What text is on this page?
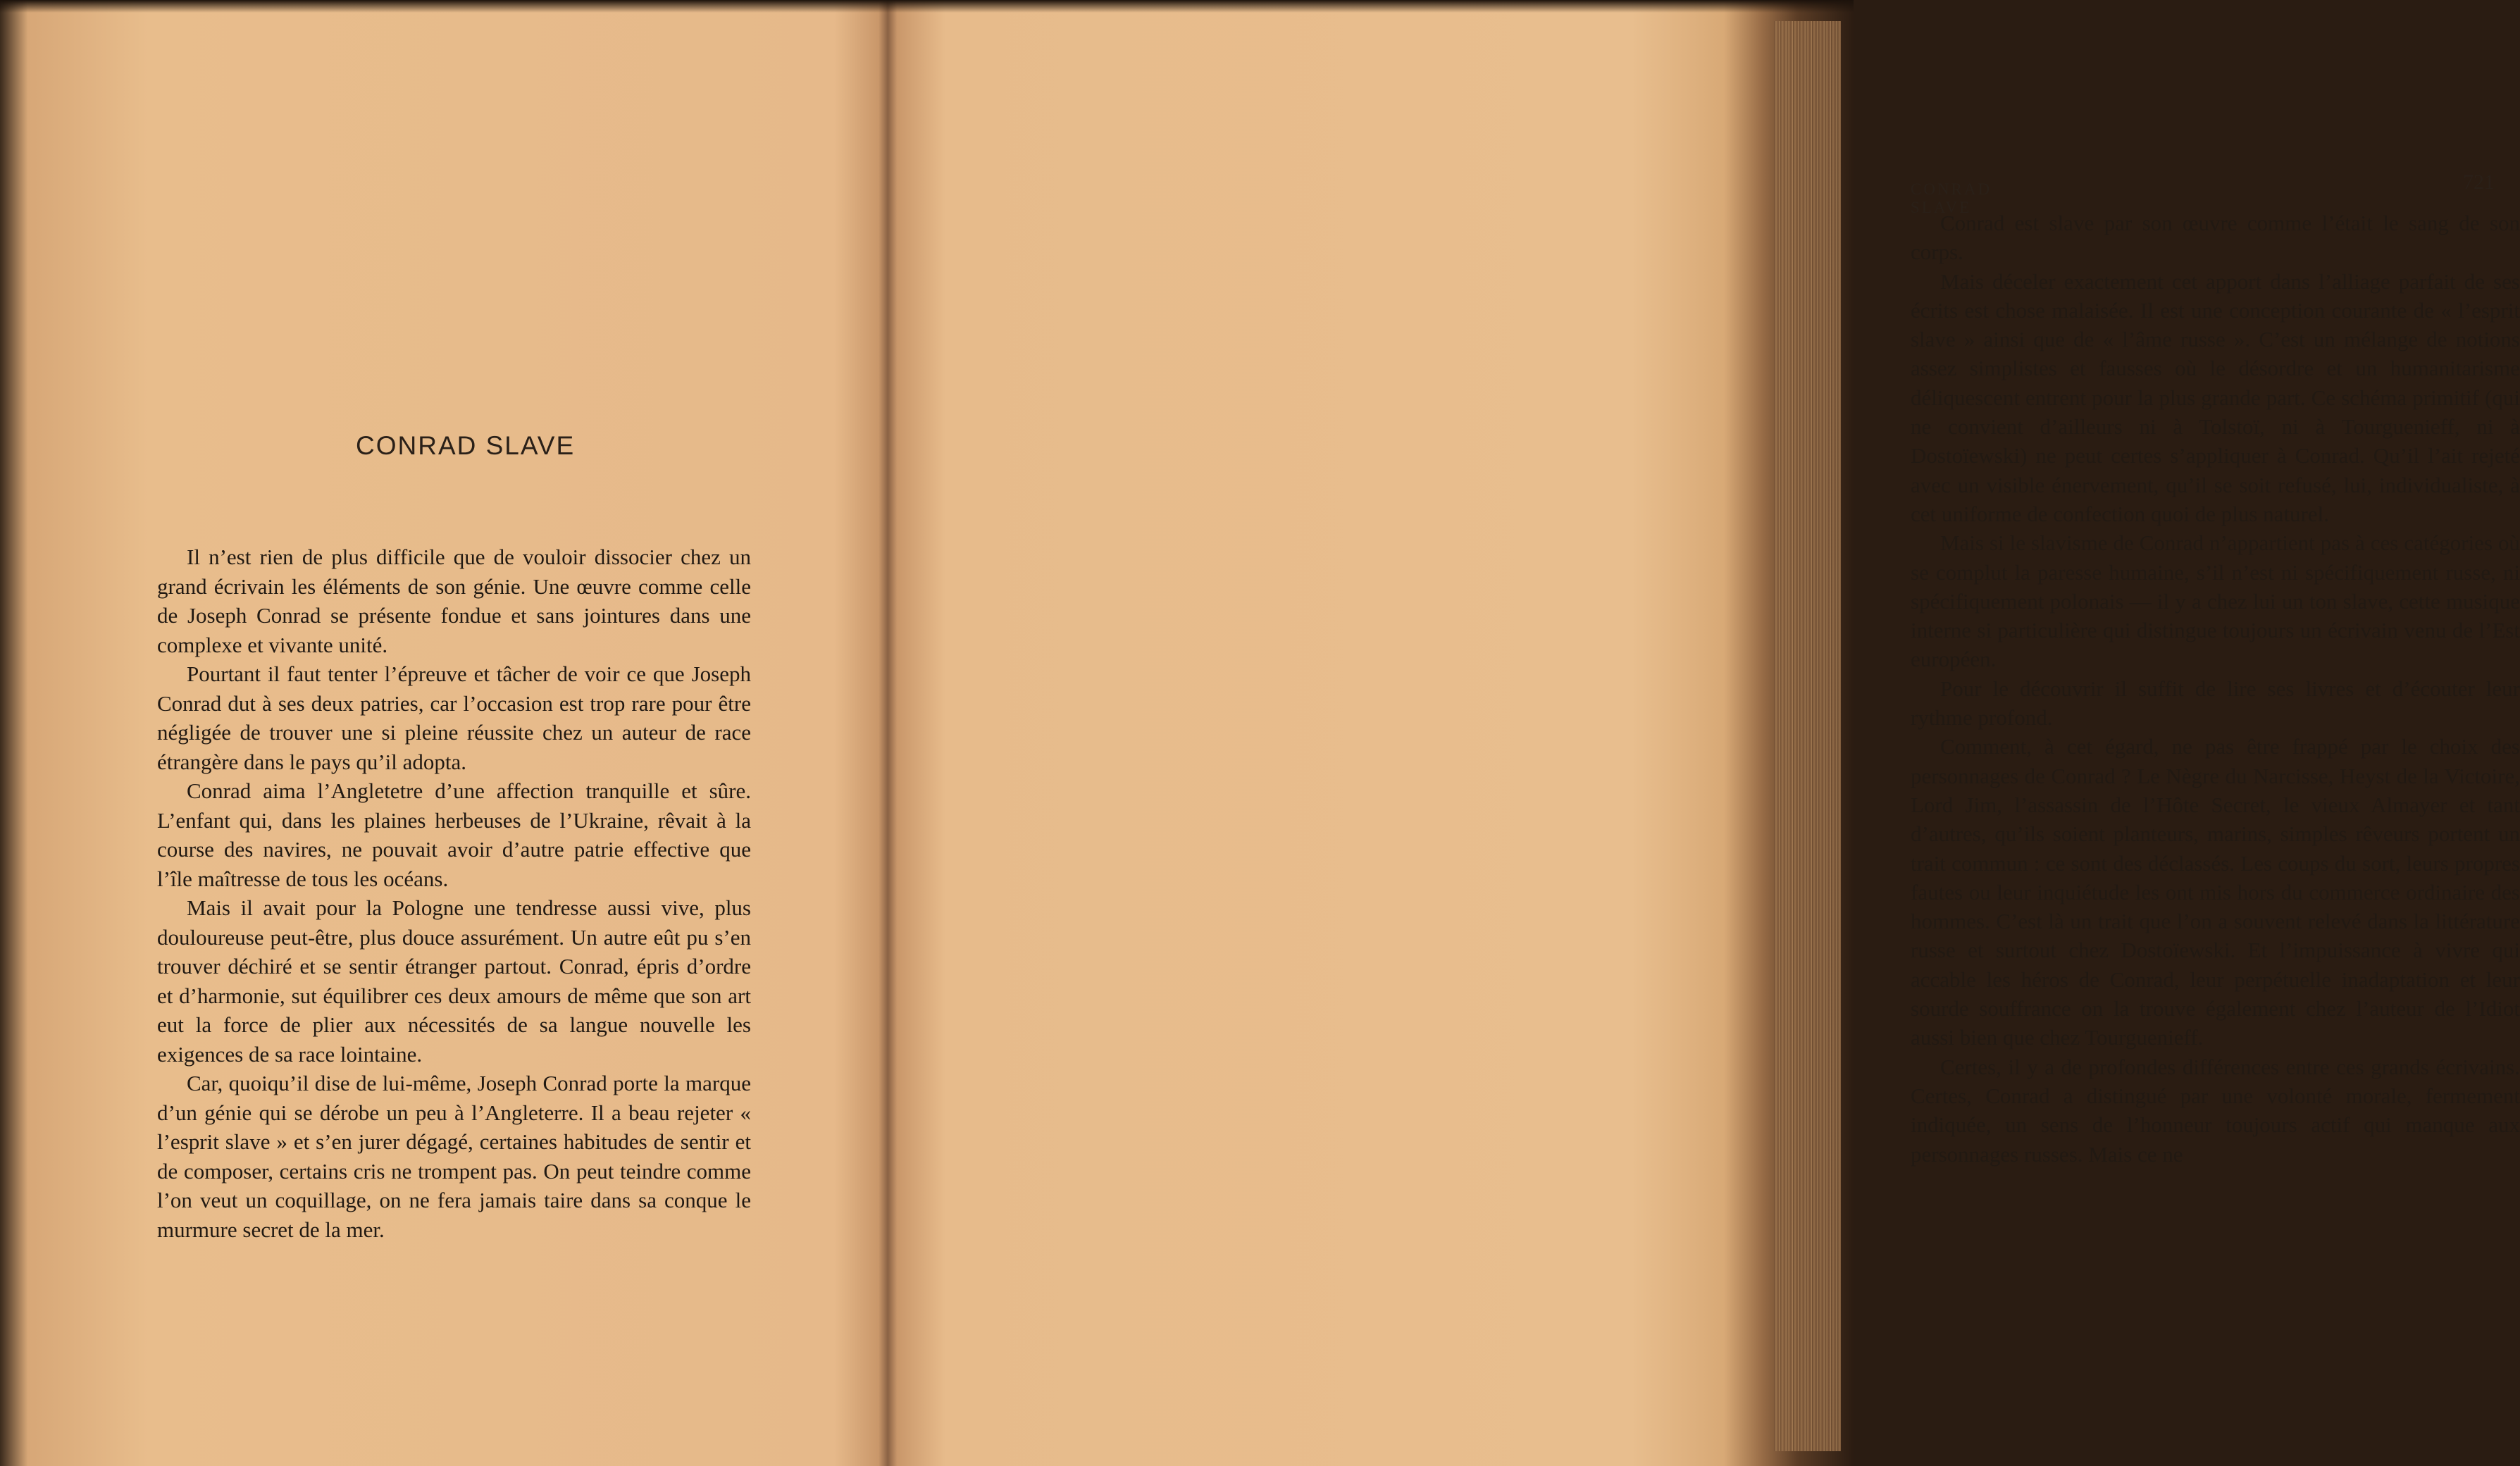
CONRAD SLAVE

Il n’est rien de plus difficile que de vouloir dissocier chez un grand écrivain les éléments de son génie. Une œuvre comme celle de Joseph Conrad se présente fondue et sans jointures dans une complexe et vivante unité.

Pourtant il faut tenter l’épreuve et tâcher de voir ce que Joseph Conrad dut à ses deux patries, car l’occasion est trop rare pour être négligée de trouver une si pleine réussite chez un auteur de race étrangère dans le pays qu’il adopta.

Conrad aima l’Angletetre d’une affection tranquille et sûre. L’enfant qui, dans les plaines herbeuses de l’Ukraine, rêvait à la course des navires, ne pouvait avoir d’autre patrie effective que l’île maîtresse de tous les océans.

Mais il avait pour la Pologne une tendresse aussi vive, plus douloureuse peut-être, plus douce assurément. Un autre eût pu s’en trouver déchiré et se sentir étranger partout. Conrad, épris d’ordre et d’harmonie, sut équilibrer ces deux amours de même que son art eut la force de plier aux nécessités de sa langue nouvelle les exigences de sa race lointaine.

Car, quoiqu’il dise de lui-même, Joseph Conrad porte la marque d’un génie qui se dérobe un peu à l’Angleterre. Il a beau rejeter « l’esprit slave » et s’en jurer dégagé, certaines habitudes de sentir et de composer, certains cris ne trompent pas. On peut teindre comme l’on veut un coquillage, on ne fera jamais taire dans sa conque le murmure secret de la mer.

CONRAD SLAVE
721

Conrad est slave par son œuvre comme l’était le sang de son corps.

Mais déceler exactement cet apport dans l’alliage parfait de ses écrits est chose malaisée. Il est une conception courante de « l’esprit slave » ainsi que de « l’âme russe ». C’est un mélange de notions assez simplistes et fausses où le désordre et un humanitarisme déliquescent entrent pour la plus grande part. Ce schéma primitif (qui ne convient d’ailleurs ni à Tolstoï, ni à Tourguenieff, ni à Dostoïewski) ne peut certes s’appliquer à Conrad. Qu’il l’ait rejeté avec un visible énervement, qu’il se soit refusé, lui, individualiste, à cet uniforme de confection quoi de plus naturel.

Mais si le slavisme de Conrad n’appartient pas à ces catégories où se complut la paresse humaine, s’il n’est ni spécifiquement russe, ni spécifiquement polonais — il y a chez lui un ton slave, cette musique interne si particulière qui distingue toujours un écrivain venu de l’Est européen.

Pour le découvrir il suffit de lire ses livres et d’écouter leur rythme profond.

Comment, à cet égard, ne pas être frappé par le choix des personnages de Conrad ? Le Nègre du Narcisse, Heyst de la Victoire, Lord Jim, l’assassin de l’Hôte Secret, le vieux Almayer et tant d’autres, qu’ils soient planteurs, marins, simples rêveurs portent un trait commun : ce sont des déclassés. Les coups du sort, leurs propres fautes ou leur inquiétude les ont mis hors du commerce ordinaire des hommes. C’est là un trait que l’on a souvent relevé dans la littérature russe et surtout chez Dostoïewski. Et l’impuissance à vivre qui accable les héros de Conrad, leur perpétuelle inadaptation et leur sourde souffrance on la trouve également chez l’auteur de l’Idiot aussi bien que chez Tourguenieff.

Certes, il y a de profondes différences entre ces grands écrivains. Certes, Conrad a distingué par une volonté morale, fermement indiquée, un sens de l’honneur toujours actif qui manque aux personnages russes. Mais ce ne
